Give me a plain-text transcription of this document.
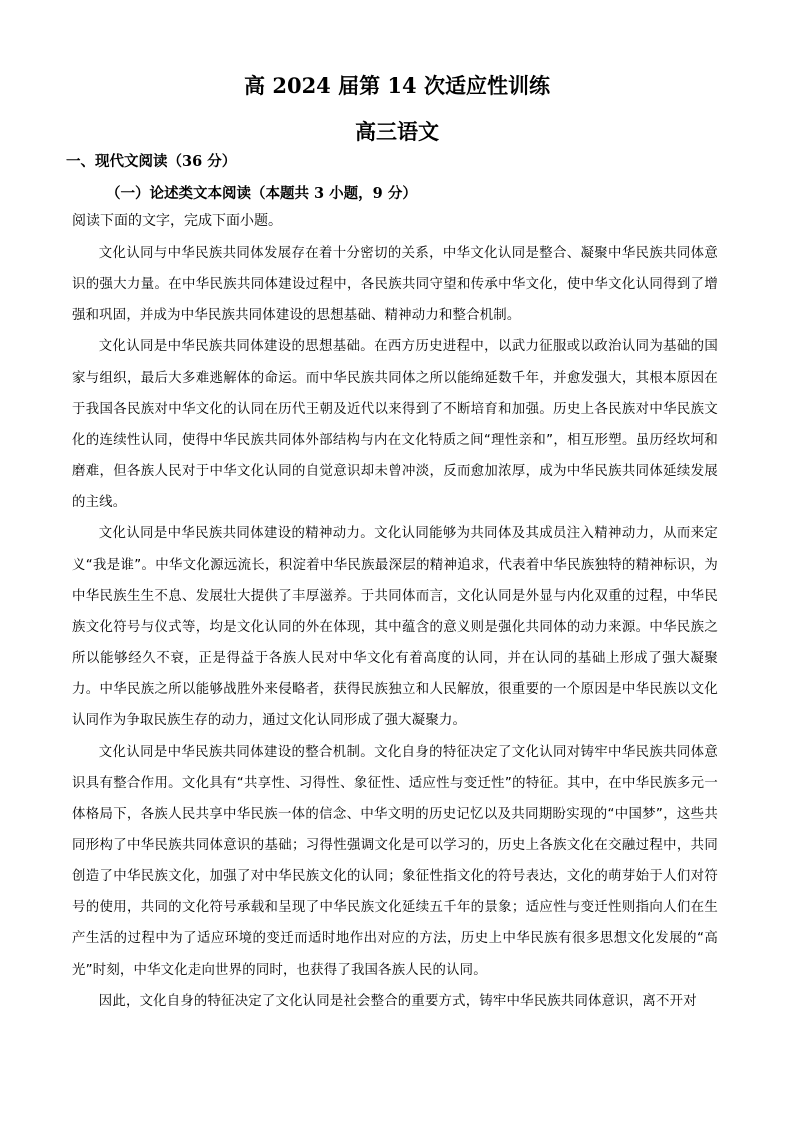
高 2024 届第 14 次适应性训练
高三语文
一、现代文阅读（36 分）
（一）论述类文本阅读（本题共 3 小题，9 分）
阅读下面的文字，完成下面小题。

文化认同与中华民族共同体发展存在着十分密切的关系，中华文化认同是整合、凝聚中华民族共同体意识的强大力量。在中华民族共同体建设过程中，各民族共同守望和传承中华文化，使中华文化认同得到了增强和巩固，并成为中华民族共同体建设的思想基础、精神动力和整合机制。

文化认同是中华民族共同体建设的思想基础。在西方历史进程中，以武力征服或以政治认同为基础的国家与组织，最后大多难逃解体的命运。而中华民族共同体之所以能绵延数千年，并愈发强大，其根本原因在于我国各民族对中华文化的认同在历代王朝及近代以来得到了不断培育和加强。历史上各民族对中华民族文化的连续性认同，使得中华民族共同体外部结构与内在文化特质之间“理性亲和”，相互形塑。虽历经坎坷和磨难，但各族人民对于中华文化认同的自觉意识却未曾冲淡，反而愈加浓厚，成为中华民族共同体延续发展的主线。

文化认同是中华民族共同体建设的精神动力。文化认同能够为共同体及其成员注入精神动力，从而来定义“我是谁”。中华文化源远流长，积淀着中华民族最深层的精神追求，代表着中华民族独特的精神标识，为中华民族生生不息、发展壮大提供了丰厚滋养。于共同体而言，文化认同是外显与内化双重的过程，中华民族文化符号与仪式等，均是文化认同的外在体现，其中蕴含的意义则是强化共同体的动力来源。中华民族之所以能够经久不衰，正是得益于各族人民对中华文化有着高度的认同，并在认同的基础上形成了强大凝聚力。中华民族之所以能够战胜外来侵略者，获得民族独立和人民解放，很重要的一个原因是中华民族以文化认同作为争取民族生存的动力，通过文化认同形成了强大凝聚力。

文化认同是中华民族共同体建设的整合机制。文化自身的特征决定了文化认同对铸牢中华民族共同体意识具有整合作用。文化具有“共享性、习得性、象征性、适应性与变迁性”的特征。其中，在中华民族多元一体格局下，各族人民共享中华民族一体的信念、中华文明的历史记忆以及共同期盼实现的“中国梦”，这些共同形构了中华民族共同体意识的基础；习得性强调文化是可以学习的，历史上各族文化在交融过程中，共同创造了中华民族文化，加强了对中华民族文化的认同；象征性指文化的符号表达，文化的萌芽始于人们对符号的使用，共同的文化符号承载和呈现了中华民族文化延续五千年的景象；适应性与变迁性则指向人们在生产生活的过程中为了适应环境的变迁而适时地作出对应的方法，历史上中华民族有很多思想文化发展的“高光”时刻，中华文化走向世界的同时，也获得了我国各族人民的认同。

因此，文化自身的特征决定了文化认同是社会整合的重要方式，铸牢中华民族共同体意识，离不开对
